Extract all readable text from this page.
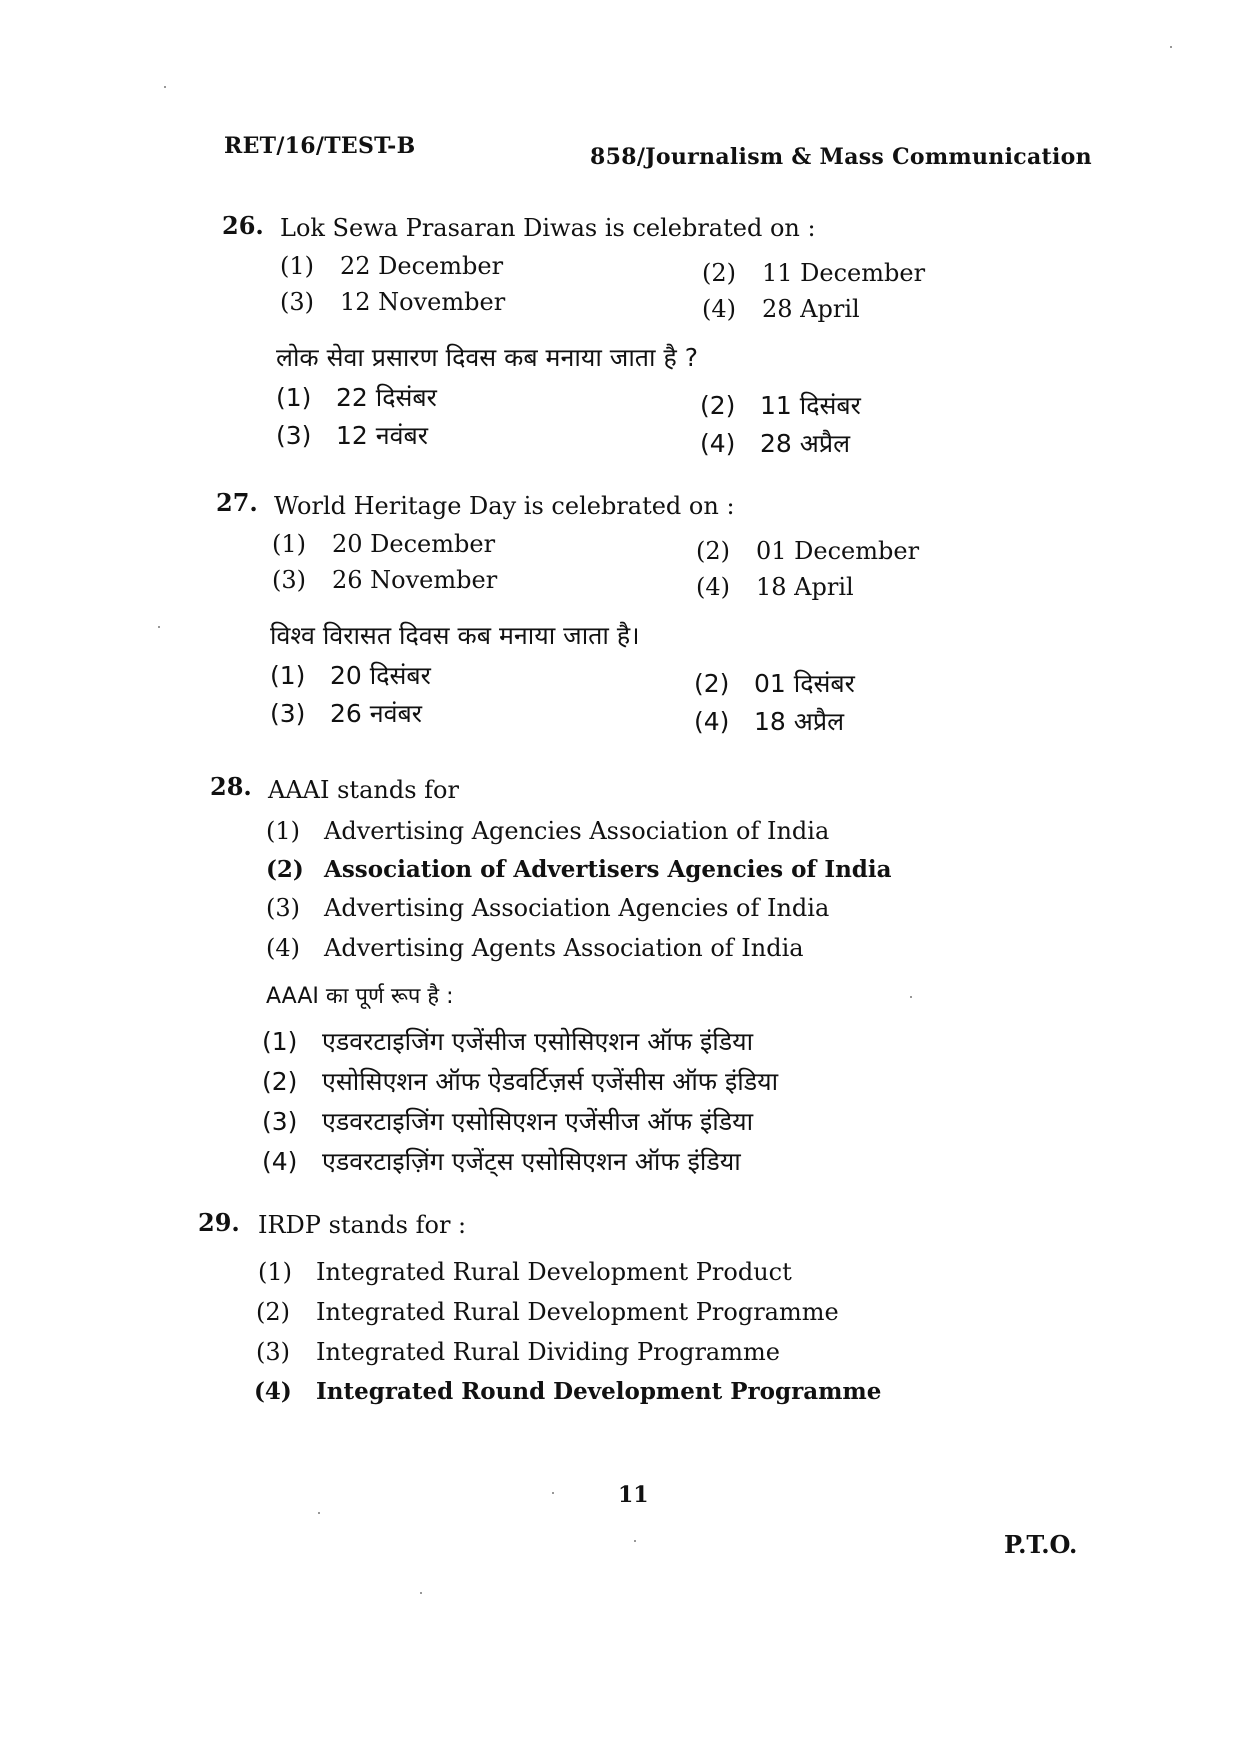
RET/16/TEST-B	858/Journalism & Mass Communication
26. Lok Sewa Prasaran Diwas is celebrated on :
(1) 22 December	(2) 11 December
(3) 12 November	(4) 28 April
लोक सेवा प्रसारण दिवस कब मनाया जाता है ?
(1) 22 दिसंबर	(2) 11 दिसंबर
(3) 12 नवंबर	(4) 28 अप्रैल
27. World Heritage Day is celebrated on :
(1) 20 December	(2) 01 December
(3) 26 November	(4) 18 April
विश्व विरासत दिवस कब मनाया जाता है।
(1) 20 दिसंबर	(2) 01 दिसंबर
(3) 26 नवंबर	(4) 18 अप्रैल
28. AAAI stands for
(1) Advertising Agencies Association of India
(2) Association of Advertisers Agencies of India
(3) Advertising Association Agencies of India
(4) Advertising Agents Association of India
AAAI का पूर्ण रूप है :
(1) एडवरटाइजिंग एजेंसीज एसोसिएशन ऑफ इंडिया
(2) एसोसिएशन ऑफ ऐडवर्टिज़र्स एजेंसीस ऑफ इंडिया
(3) एडवरटाइजिंग एसोसिएशन एजेंसीज ऑफ इंडिया
(4) एडवरटाइज़िंग एजेंट्स एसोसिएशन ऑफ इंडिया
29. IRDP stands for :
(1) Integrated Rural Development Product
(2) Integrated Rural Development Programme
(3) Integrated Rural Dividing Programme
(4) Integrated Round Development Programme
11
P.T.O.
